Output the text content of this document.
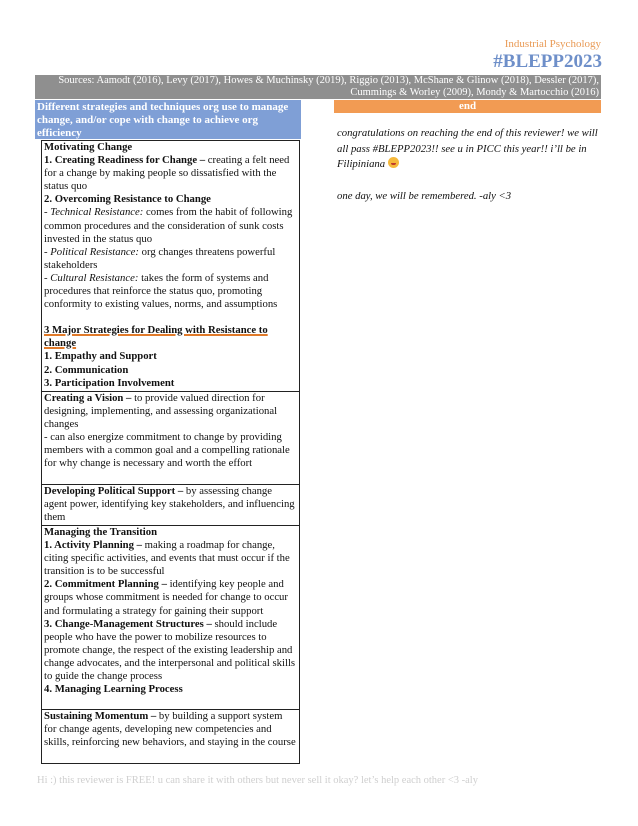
Industrial Psychology
#BLEPP2023
Sources: Aamodt (2016), Levy (2017), Howes & Muchinsky (2019), Riggio (2013), McShane & Glinow (2018), Dessler (2017), Cummings & Worley (2009), Mondy & Martocchio (2016)
Different strategies and techniques org use to manage change, and/or cope with change to achieve org efficiency
end
Motivating Change
1. Creating Readiness for Change – creating a felt need for a change by making people so dissatisfied with the status quo
2. Overcoming Resistance to Change
- Technical Resistance: comes from the habit of following common procedures and the consideration of sunk costs invested in the status quo
- Political Resistance: org changes threatens powerful stakeholders
- Cultural Resistance: takes the form of systems and procedures that reinforce the status quo, promoting conformity to existing values, norms, and assumptions
3 Major Strategies for Dealing with Resistance to change
1. Empathy and Support
2. Communication
3. Participation Involvement
Creating a Vision – to provide valued direction for designing, implementing, and assessing organizational changes
- can also energize commitment to change by providing members with a common goal and a compelling rationale for why change is necessary and worth the effort
Developing Political Support – by assessing change agent power, identifying key stakeholders, and influencing them
Managing the Transition
1. Activity Planning – making a roadmap for change, citing specific activities, and events that must occur if the transition is to be successful
2. Commitment Planning – identifying key people and groups whose commitment is needed for change to occur and formulating a strategy for gaining their support
3. Change-Management Structures – should include people who have the power to mobilize resources to promote change, the respect of the existing leadership and change advocates, and the interpersonal and political skills to guide the change process
4. Managing Learning Process
Sustaining Momentum – by building a support system for change agents, developing new competencies and skills, reinforcing new behaviors, and staying in the course
congratulations on reaching the end of this reviewer! we will all pass #BLEPP2023!! see u in PICC this year!! i’ll be in Filipiniana
one day, we will be remembered. -aly <3
Hi :) this reviewer is FREE! u can share it with others but never sell it okay? let’s help each other <3 -aly
